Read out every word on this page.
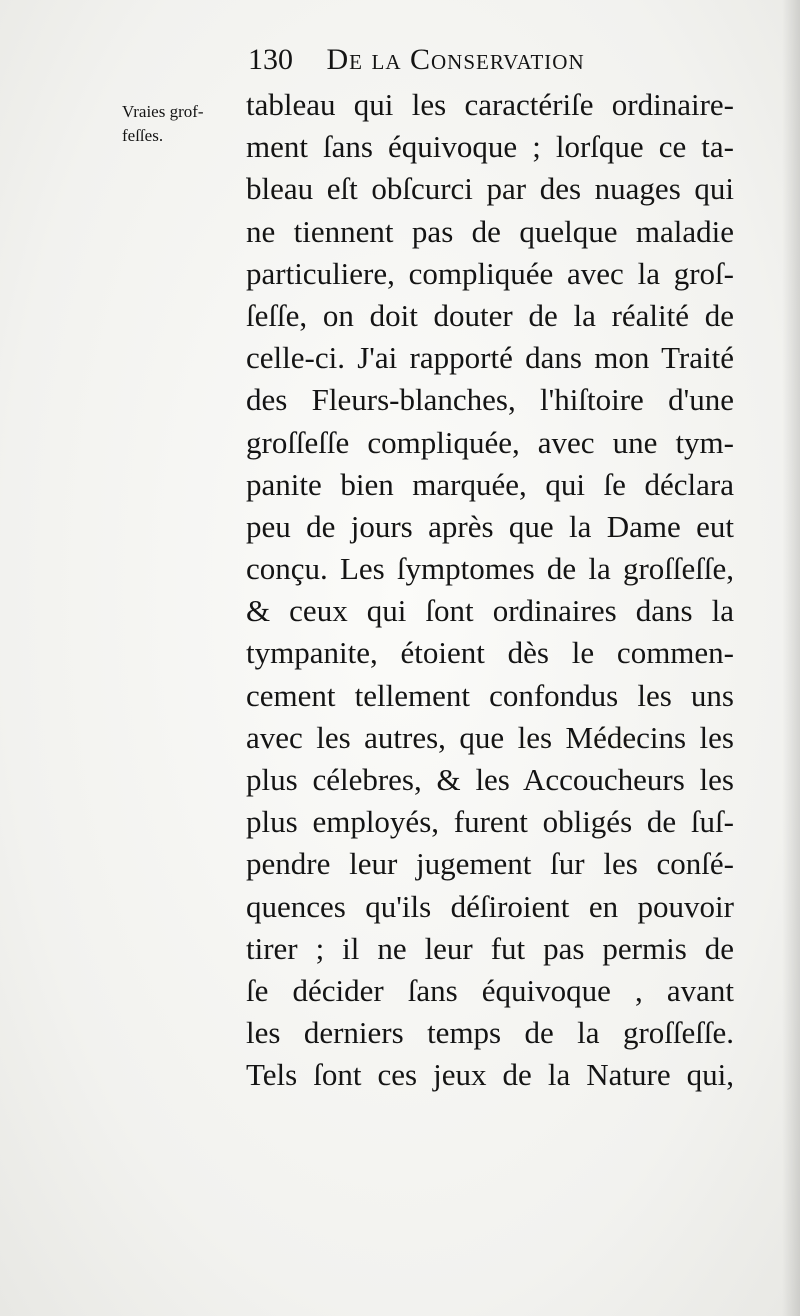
130 De la Conservation
Vraies grof-
feſſes.
tableau qui les caractériſe ordinaire-
ment ſans équivoque ; lorſque ce ta-
bleau eſt obſcurci par des nuages qui
ne tiennent pas de quelque maladie
particuliere, compliquée avec la groſ-
ſeſſe, on doit douter de la réalité de
celle-ci. J'ai rapporté dans mon Traité
des Fleurs-blanches, l'hiſtoire d'une
groſſeſſe compliquée, avec une tym-
panite bien marquée, qui ſe déclara
peu de jours après que la Dame eut
conçu. Les ſymptomes de la groſſeſſe,
& ceux qui ſont ordinaires dans la
tympanite, étoient dès le commen-
cement tellement confondus les uns
avec les autres, que les Médecins les
plus célebres, & les Accoucheurs les
plus employés, furent obligés de ſuſ-
pendre leur jugement ſur les conſé-
quences qu'ils déſiroient en pouvoir
tirer ; il ne leur fut pas permis de
ſe décider ſans équivoque , avant
les derniers temps de la groſſeſſe.
Tels ſont ces jeux de la Nature qui,
